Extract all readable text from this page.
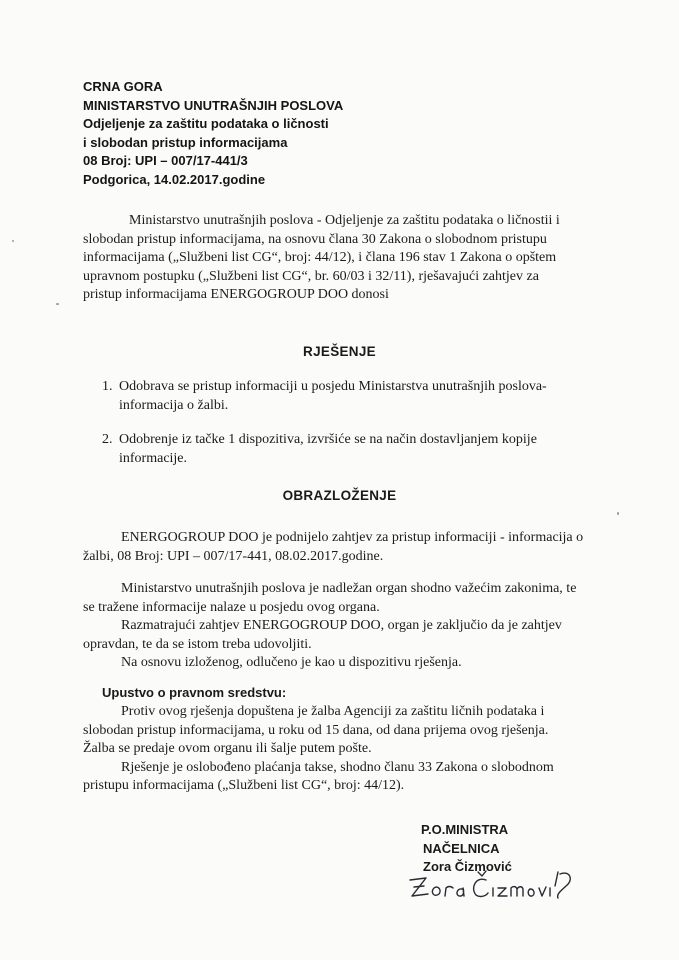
CRNA GORA
MINISTARSTVO UNUTRAŠNJIH POSLOVA
Odjeljenje za zaštitu podataka o ličnosti
i slobodan pristup informacijama
08 Broj: UPI – 007/17-441/3
Podgorica, 14.02.2017.godine
Ministarstvo unutrašnjih poslova - Odjeljenje za zaštitu podataka o ličnostii i
slobodan pristup informacijama, na osnovu člana 30 Zakona o slobodnom pristupu
informacijama („Službeni list CG“, broj: 44/12), i člana 196 stav 1 Zakona o opštem
upravnom postupku („Službeni list CG“, br. 60/03 i 32/11), rješavajući zahtjev za
pristup informacijama ENERGOGROUP DOO donosi
RJEŠENJE
1. Odobrava se pristup informaciji u posjedu Ministarstva unutrašnjih poslova-
informacija o žalbi.
2. Odobrenje iz tačke 1 dispozitiva, izvršiće se na način dostavljanjem kopije
informacije.
OBRAZLOŽENJE
ENERGOGROUP DOO je podnijelo zahtjev za pristup informaciji - informacija o
žalbi, 08 Broj: UPI – 007/17-441, 08.02.2017.godine.
Ministarstvo unutrašnjih poslova je nadležan organ shodno važećim zakonima, te
se tražene informacije nalaze u posjedu ovog organa.
Razmatrajući zahtjev ENERGOGROUP DOO, organ je zaključio da je zahtjev
opravdan, te da se istom treba udovoljiti.
Na osnovu izloženog, odlučeno je kao u dispozitivu rješenja.
Upustvo o pravnom sredstvu:
Protiv ovog rješenja dopuštena je žalba Agenciji za zaštitu ličnih podataka i
slobodan pristup informacijama, u roku od 15 dana, od dana prijema ovog rješenja.
Žalba se predaje ovom organu ili šalje putem pošte.
Rješenje je oslobođeno plaćanja takse, shodno članu 33 Zakona o slobodnom
pristupu informacijama („Službeni list CG“, broj: 44/12).
P.O.MINISTRA
NAČELNICA
Zora Čizmović
